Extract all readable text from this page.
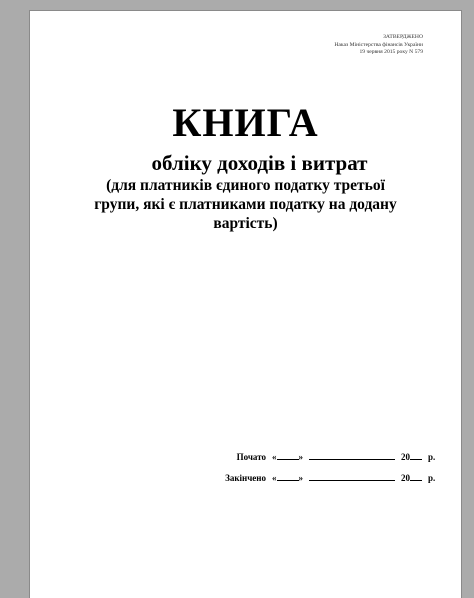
ЗАТВЕРДЖЕНО
Наказ Міністерства фінансів України
19 червня 2015 року N 579
КНИГА
обліку доходів і витрат
(для платників єдиного податку третьої
групи, які є платниками податку на додану
вартість)
Почато « »	20 р.
Закінчено « »	20 р.
